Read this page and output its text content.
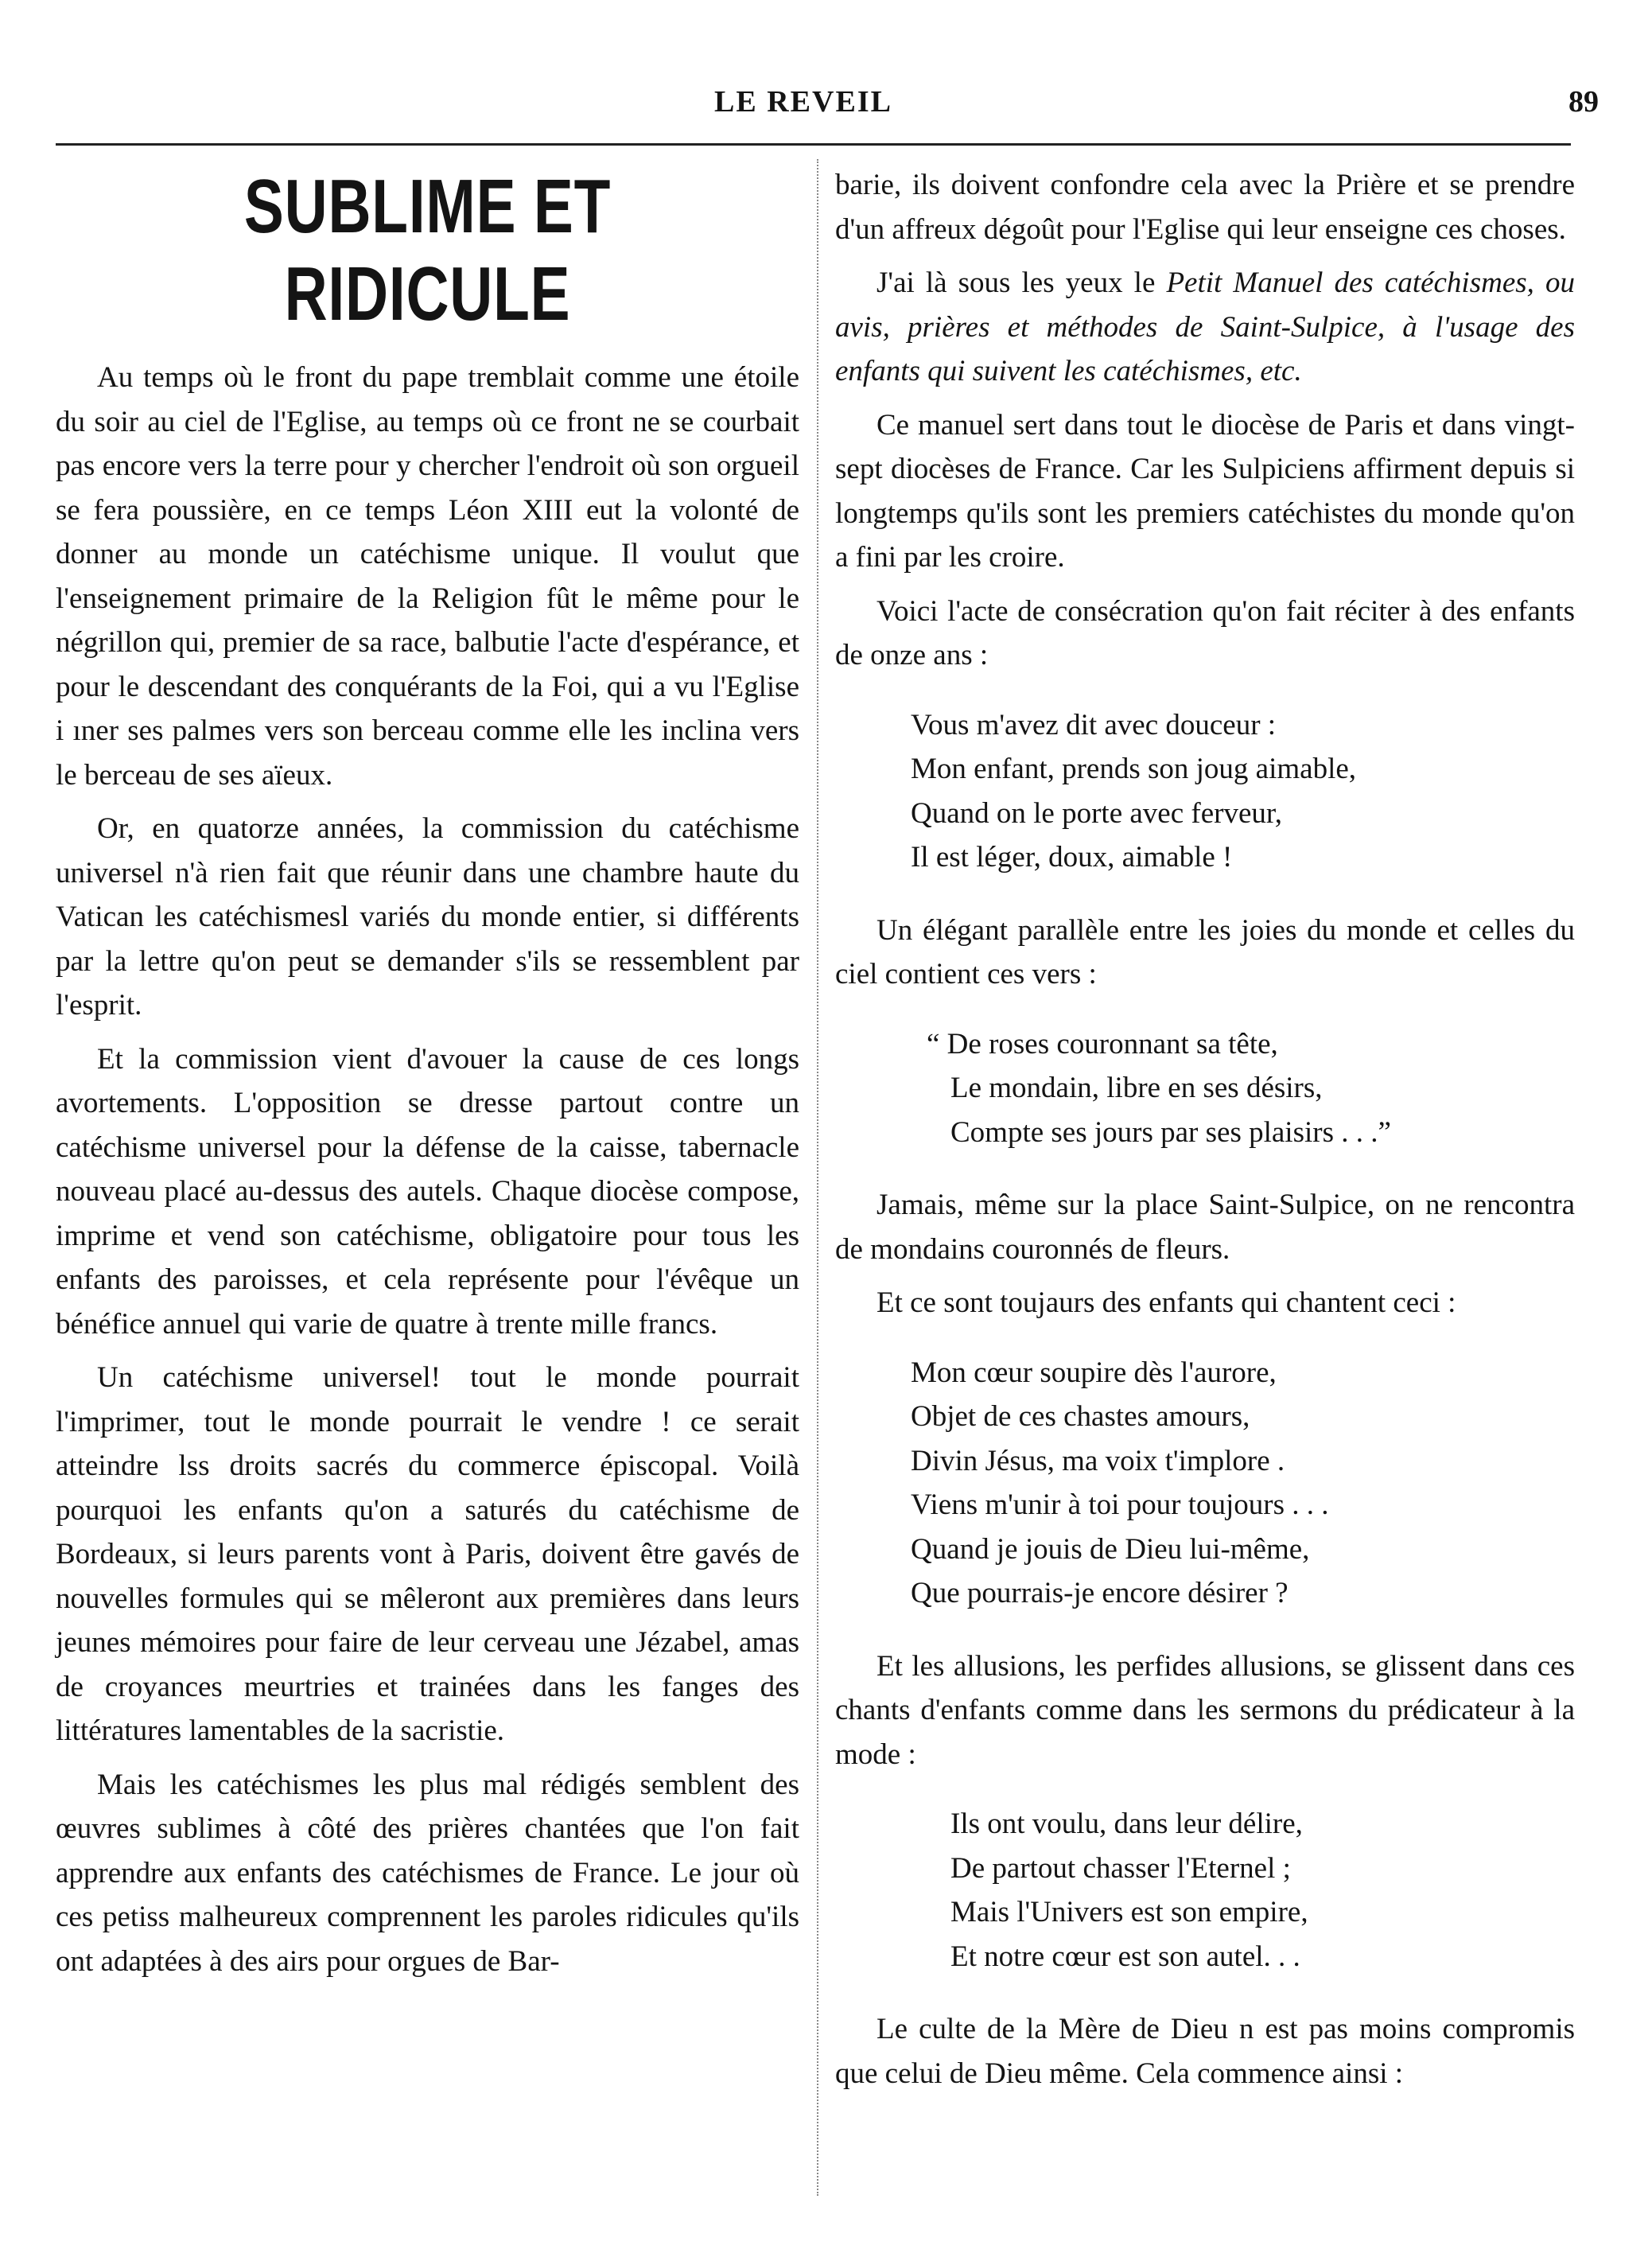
LE REVEIL	89
SUBLIME ET RIDICULE

Au temps où le front du pape tremblait comme une étoile du soir au ciel de l'Eglise, au temps où ce front ne se courbait pas encore vers la terre pour y chercher l'endroit où son orgueil se fera poussière, en ce temps Léon XIII eut la volonté de donner au monde un catéchisme unique. Il voulut que l'enseignement primaire de la Religion fût le même pour le négrillon qui, premier de sa race, balbutie l'acte d'espérance, et pour le descendant des conquérants de la Foi, qui a vu l'Eglise i ıner ses palmes vers son berceau comme elle les inclina vers le berceau de ses aïeux.

Or, en quatorze années, la commission du catéchisme universel n'à rien fait que réunir dans une chambre haute du Vatican les catéchismesl variés du monde entier, si différents par la lettre qu'on peut se demander s'ils se ressemblent par l'esprit.

Et la commission vient d'avouer la cause de ces longs avortements. L'opposition se dresse partout contre un catéchisme universel pour la défense de la caisse, tabernacle nouveau placé au-dessus des autels. Chaque diocèse compose, imprime et vend son catéchisme, obligatoire pour tous les enfants des paroisses, et cela représente pour l'évêque un bénéfice annuel qui varie de quatre à trente mille francs.

Un catéchisme universel! tout le monde pourrait l'imprimer, tout le monde pourrait le vendre ! ce serait atteindre lss droits sacrés du commerce épiscopal. Voilà pourquoi les enfants qu'on a saturés du catéchisme de Bordeaux, si leurs parents vont à Paris, doivent être gavés de nouvelles formules qui se mêleront aux premières dans leurs jeunes mémoires pour faire de leur cerveau une Jézabel, amas de croyances meurtries et trainées dans les fanges des littératures lamentables de la sacristie.

Mais les catéchismes les plus mal rédigés semblent des œuvres sublimes à côté des prières chantées que l'on fait apprendre aux enfants des catéchismes de France. Le jour où ces petiss malheureux comprennent les paroles ridicules qu'ils ont adaptées à des airs pour orgues de Bar-

barie, ils doivent confondre cela avec la Prière et se prendre d'un affreux dégoût pour l'Eglise qui leur enseigne ces choses.

J'ai là sous les yeux le Petit Manuel des catéchismes, ou avis, prières et méthodes de Saint-Sulpice, à l'usage des enfants qui suivent les catéchismes, etc.

Ce manuel sert dans tout le diocèse de Paris et dans vingt-sept diocèses de France. Car les Sulpiciens affirment depuis si longtemps qu'ils sont les premiers catéchistes du monde qu'on a fini par les croire.

Voici l'acte de consécration qu'on fait réciter à des enfants de onze ans :

Vous m'avez dit avec douceur :
Mon enfant, prends son joug aimable,
Quand on le porte avec ferveur,
Il est léger, doux, aimable !

Un élégant parallèle entre les joies du monde et celles du ciel contient ces vers :

“ De roses couronnant sa tête,
Le mondain, libre en ses désirs,
Compte ses jours par ses plaisirs . . .”

Jamais, même sur la place Saint-Sulpice, on ne rencontra de mondains couronnés de fleurs.

Et ce sont toujaurs des enfants qui chantent ceci :

Mon cœur soupire dès l'aurore,
Objet de ces chastes amours,
Divin Jésus, ma voix t'implore .
Viens m'unir à toi pour toujours . . .
Quand je jouis de Dieu lui-même,
Que pourrais-je encore désirer ?

Et les allusions, les perfides allusions, se glissent dans ces chants d'enfants comme dans les sermons du prédicateur à la mode :

Ils ont voulu, dans leur délire,
De partout chasser l'Eternel ;
Mais l'Univers est son empire,
Et notre cœur est son autel. . .

Le culte de la Mère de Dieu n est pas moins compromis que celui de Dieu même. Cela commence ainsi :
